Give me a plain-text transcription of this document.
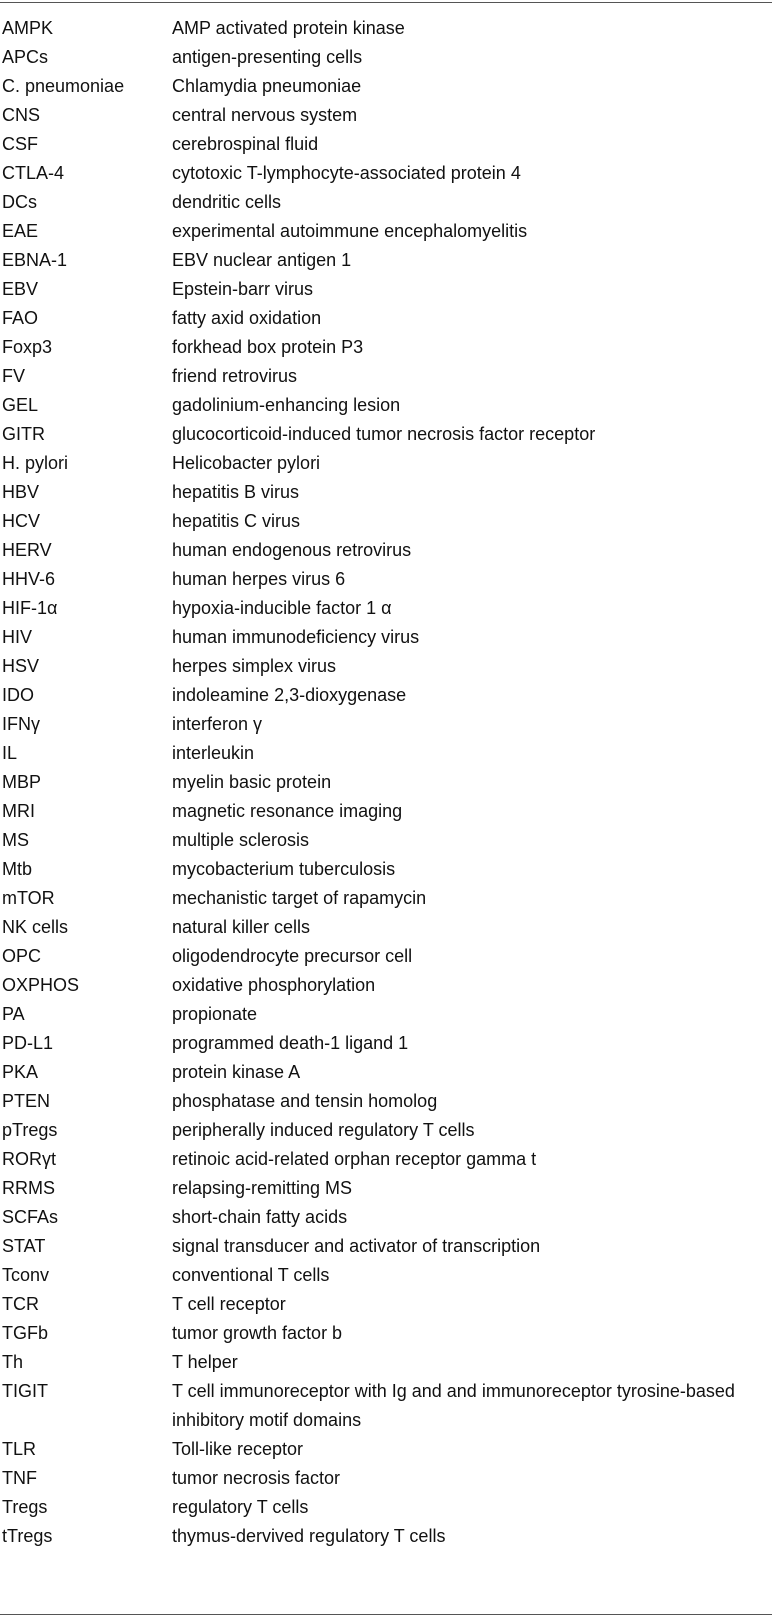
AMPK	AMP activated protein kinase
APCs	antigen-presenting cells
C. pneumoniae	Chlamydia pneumoniae
CNS	central nervous system
CSF	cerebrospinal fluid
CTLA-4	cytotoxic T-lymphocyte-associated protein 4
DCs	dendritic cells
EAE	experimental autoimmune encephalomyelitis
EBNA-1	EBV nuclear antigen 1
EBV	Epstein-barr virus
FAO	fatty axid oxidation
Foxp3	forkhead box protein P3
FV	friend retrovirus
GEL	gadolinium-enhancing lesion
GITR	glucocorticoid-induced tumor necrosis factor receptor
H. pylori	Helicobacter pylori
HBV	hepatitis B virus
HCV	hepatitis C virus
HERV	human endogenous retrovirus
HHV-6	human herpes virus 6
HIF-1α	hypoxia-inducible factor 1 α
HIV	human immunodeficiency virus
HSV	herpes simplex virus
IDO	indoleamine 2,3-dioxygenase
IFNγ	interferon γ
IL	interleukin
MBP	myelin basic protein
MRI	magnetic resonance imaging
MS	multiple sclerosis
Mtb	mycobacterium tuberculosis
mTOR	mechanistic target of rapamycin
NK cells	natural killer cells
OPC	oligodendrocyte precursor cell
OXPHOS	oxidative phosphorylation
PA	propionate
PD-L1	programmed death-1 ligand 1
PKA	protein kinase A
PTEN	phosphatase and tensin homolog
pTregs	peripherally induced regulatory T cells
RORγt	retinoic acid-related orphan receptor gamma t
RRMS	relapsing-remitting MS
SCFAs	short-chain fatty acids
STAT	signal transducer and activator of transcription
Tconv	conventional T cells
TCR	T cell receptor
TGFb	tumor growth factor b
Th	T helper
TIGIT	T cell immunoreceptor with Ig and and immunoreceptor tyrosine-based inhibitory motif domains
TLR	Toll-like receptor
TNF	tumor necrosis factor
Tregs	regulatory T cells
tTregs	thymus-dervived regulatory T cells
